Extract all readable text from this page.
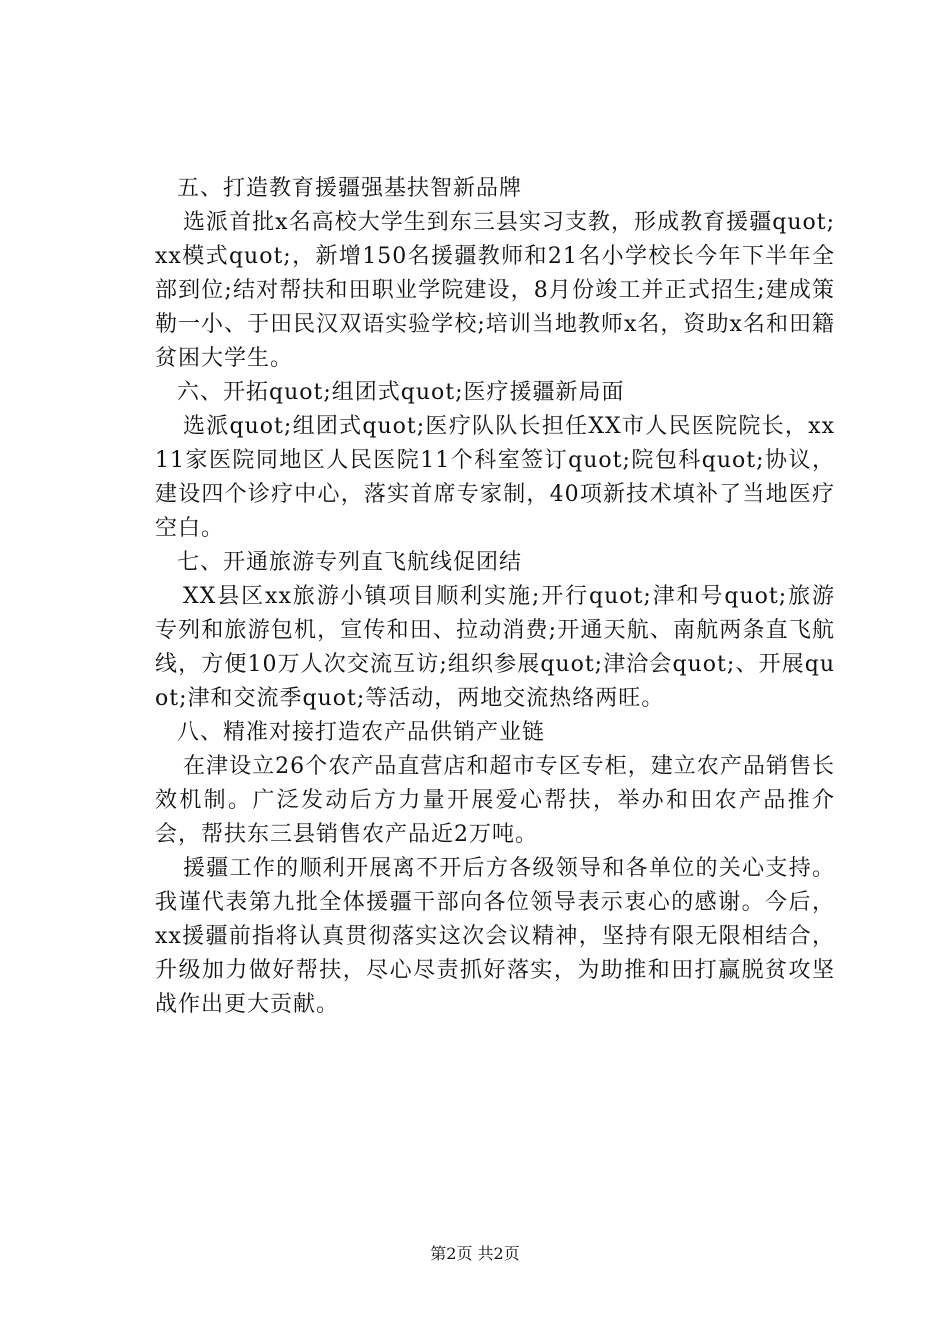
五、打造教育援疆强基扶智新品牌

选派首批x名高校大学生到东三县实习支教，形成教育援疆quot;xx模式quot;，新增150名援疆教师和21名小学校长今年下半年全部到位;结对帮扶和田职业学院建设，8月份竣工并正式招生;建成策勒一小、于田民汉双语实验学校;培训当地教师x名，资助x名和田籍贫困大学生。

六、开拓quot;组团式quot;医疗援疆新局面

选派quot;组团式quot;医疗队队长担任XX市人民医院院长，xx11家医院同地区人民医院11个科室签订quot;院包科quot;协议，建设四个诊疗中心，落实首席专家制，40项新技术填补了当地医疗空白。

七、开通旅游专列直飞航线促团结

XX县区xx旅游小镇项目顺利实施;开行quot;津和号quot;旅游专列和旅游包机，宣传和田、拉动消费;开通天航、南航两条直飞航线，方便10万人次交流互访;组织参展quot;津洽会quot;、开展quot;津和交流季quot;等活动，两地交流热络两旺。

八、精准对接打造农产品供销产业链

在津设立26个农产品直营店和超市专区专柜，建立农产品销售长效机制。广泛发动后方力量开展爱心帮扶，举办和田农产品推介会，帮扶东三县销售农产品近2万吨。

援疆工作的顺利开展离不开后方各级领导和各单位的关心支持。我谨代表第九批全体援疆干部向各位领导表示衷心的感谢。今后，xx援疆前指将认真贯彻落实这次会议精神，坚持有限无限相结合，升级加力做好帮扶，尽心尽责抓好落实，为助推和田打赢脱贫攻坚战作出更大贡献。

第2页 共2页
